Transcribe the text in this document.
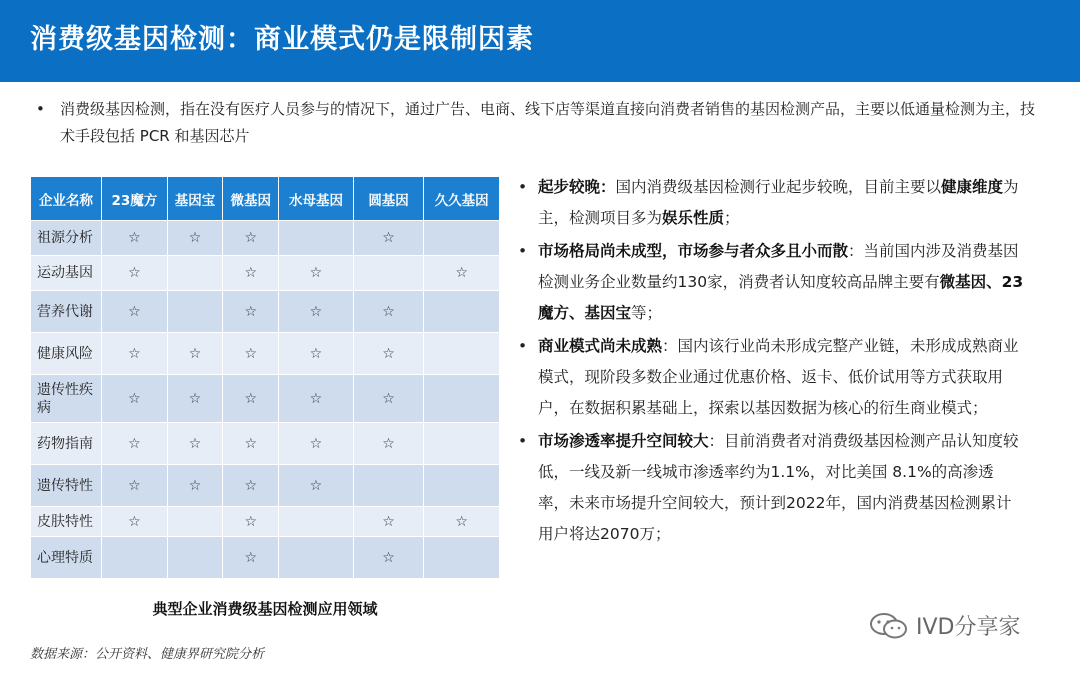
消费级基因检测：商业模式仍是限制因素
• 消费级基因检测，指在没有医疗人员参与的情况下，通过广告、电商、线下店等渠道直接向消费者销售的基因检测产品，主要以低通量检测为主，技术手段包括 PCR 和基因芯片
企业名称	23魔方	基因宝	微基因	水母基因	圆基因	久久基因
祖源分析	☆	☆	☆		☆	
运动基因	☆		☆	☆		☆
营养代谢	☆		☆	☆	☆	
健康风险	☆	☆	☆	☆	☆	
遗传性疾病	☆	☆	☆	☆	☆	
药物指南	☆	☆	☆	☆	☆	
遗传特性	☆	☆	☆	☆		
皮肤特性	☆		☆		☆	☆
心理特质			☆		☆	
典型企业消费级基因检测应用领域
数据来源：公开资料、健康界研究院分析
• 起步较晚：国内消费级基因检测行业起步较晚，目前主要以健康维度为主，检测项目多为娱乐性质；
• 市场格局尚未成型，市场参与者众多且小而散：当前国内涉及消费基因检测业务企业数量约130家，消费者认知度较高品牌主要有微基因、23 魔方、基因宝等；
• 商业模式尚未成熟：国内该行业尚未形成完整产业链，未形成成熟商业模式，现阶段多数企业通过优惠价格、返卡、低价试用等方式获取用户，在数据积累基础上，探索以基因数据为核心的衍生商业模式；
• 市场渗透率提升空间较大：目前消费者对消费级基因检测产品认知度较低，一线及新一线城市渗透率约为1.1%，对比美国 8.1%的高渗透率，未来市场提升空间较大，预计到2022年，国内消费基因检测累计用户将达2070万；
IVD分享家
